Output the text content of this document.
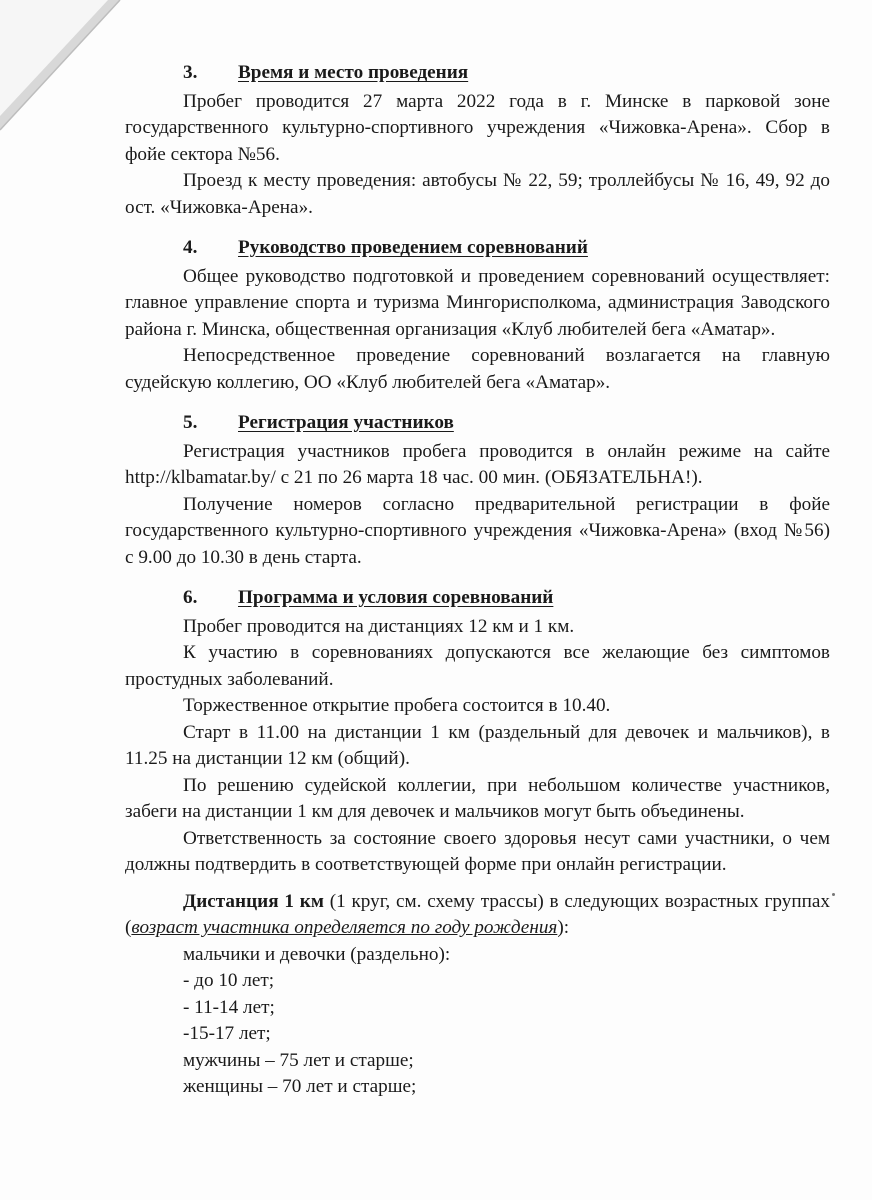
3.	Время и место проведения

Пробег проводится 27 марта 2022 года в г. Минске в парковой зоне государственного культурно-спортивного учреждения «Чижовка-Арена». Сбор в фойе сектора №56.

Проезд к месту проведения: автобусы № 22, 59; троллейбусы № 16, 49, 92 до ост. «Чижовка-Арена».

4.	Руководство проведением соревнований

Общее руководство подготовкой и проведением соревнований осуществляет: главное управление спорта и туризма Мингорисполкома, администрация Заводского района г. Минска, общественная организация «Клуб любителей бега «Аматар».

Непосредственное проведение соревнований возлагается на главную судейскую коллегию, ОО «Клуб любителей бега «Аматар».

5.	Регистрация участников

Регистрация участников пробега проводится в онлайн режиме на сайте http://klbamatar.by/ с 21 по 26 марта 18 час. 00 мин. (ОБЯЗАТЕЛЬНА!).

Получение номеров согласно предварительной регистрации в фойе государственного культурно-спортивного учреждения «Чижовка-Арена» (вход №56) с 9.00 до 10.30 в день старта.

6.	Программа и условия соревнований

Пробег проводится на дистанциях 12 км и 1 км.

К участию в соревнованиях допускаются все желающие без симптомов простудных заболеваний.

Торжественное открытие пробега состоится в 10.40.

Старт в 11.00 на дистанции 1 км (раздельный для девочек и мальчиков), в 11.25 на дистанции 12 км (общий).

По решению судейской коллегии, при небольшом количестве участников, забеги на дистанции 1 км для девочек и мальчиков могут быть объединены.

Ответственность за состояние своего здоровья несут сами участники, о чем должны подтвердить в соответствующей форме при онлайн регистрации.

Дистанция 1 км (1 круг, см. схему трассы) в следующих возрастных группах (возраст участника определяется по году рождения):

мальчики и девочки (раздельно):

- до 10 лет;

- 11-14 лет;

-15-17 лет;

мужчины – 75 лет и старше;

женщины – 70 лет и старше;
